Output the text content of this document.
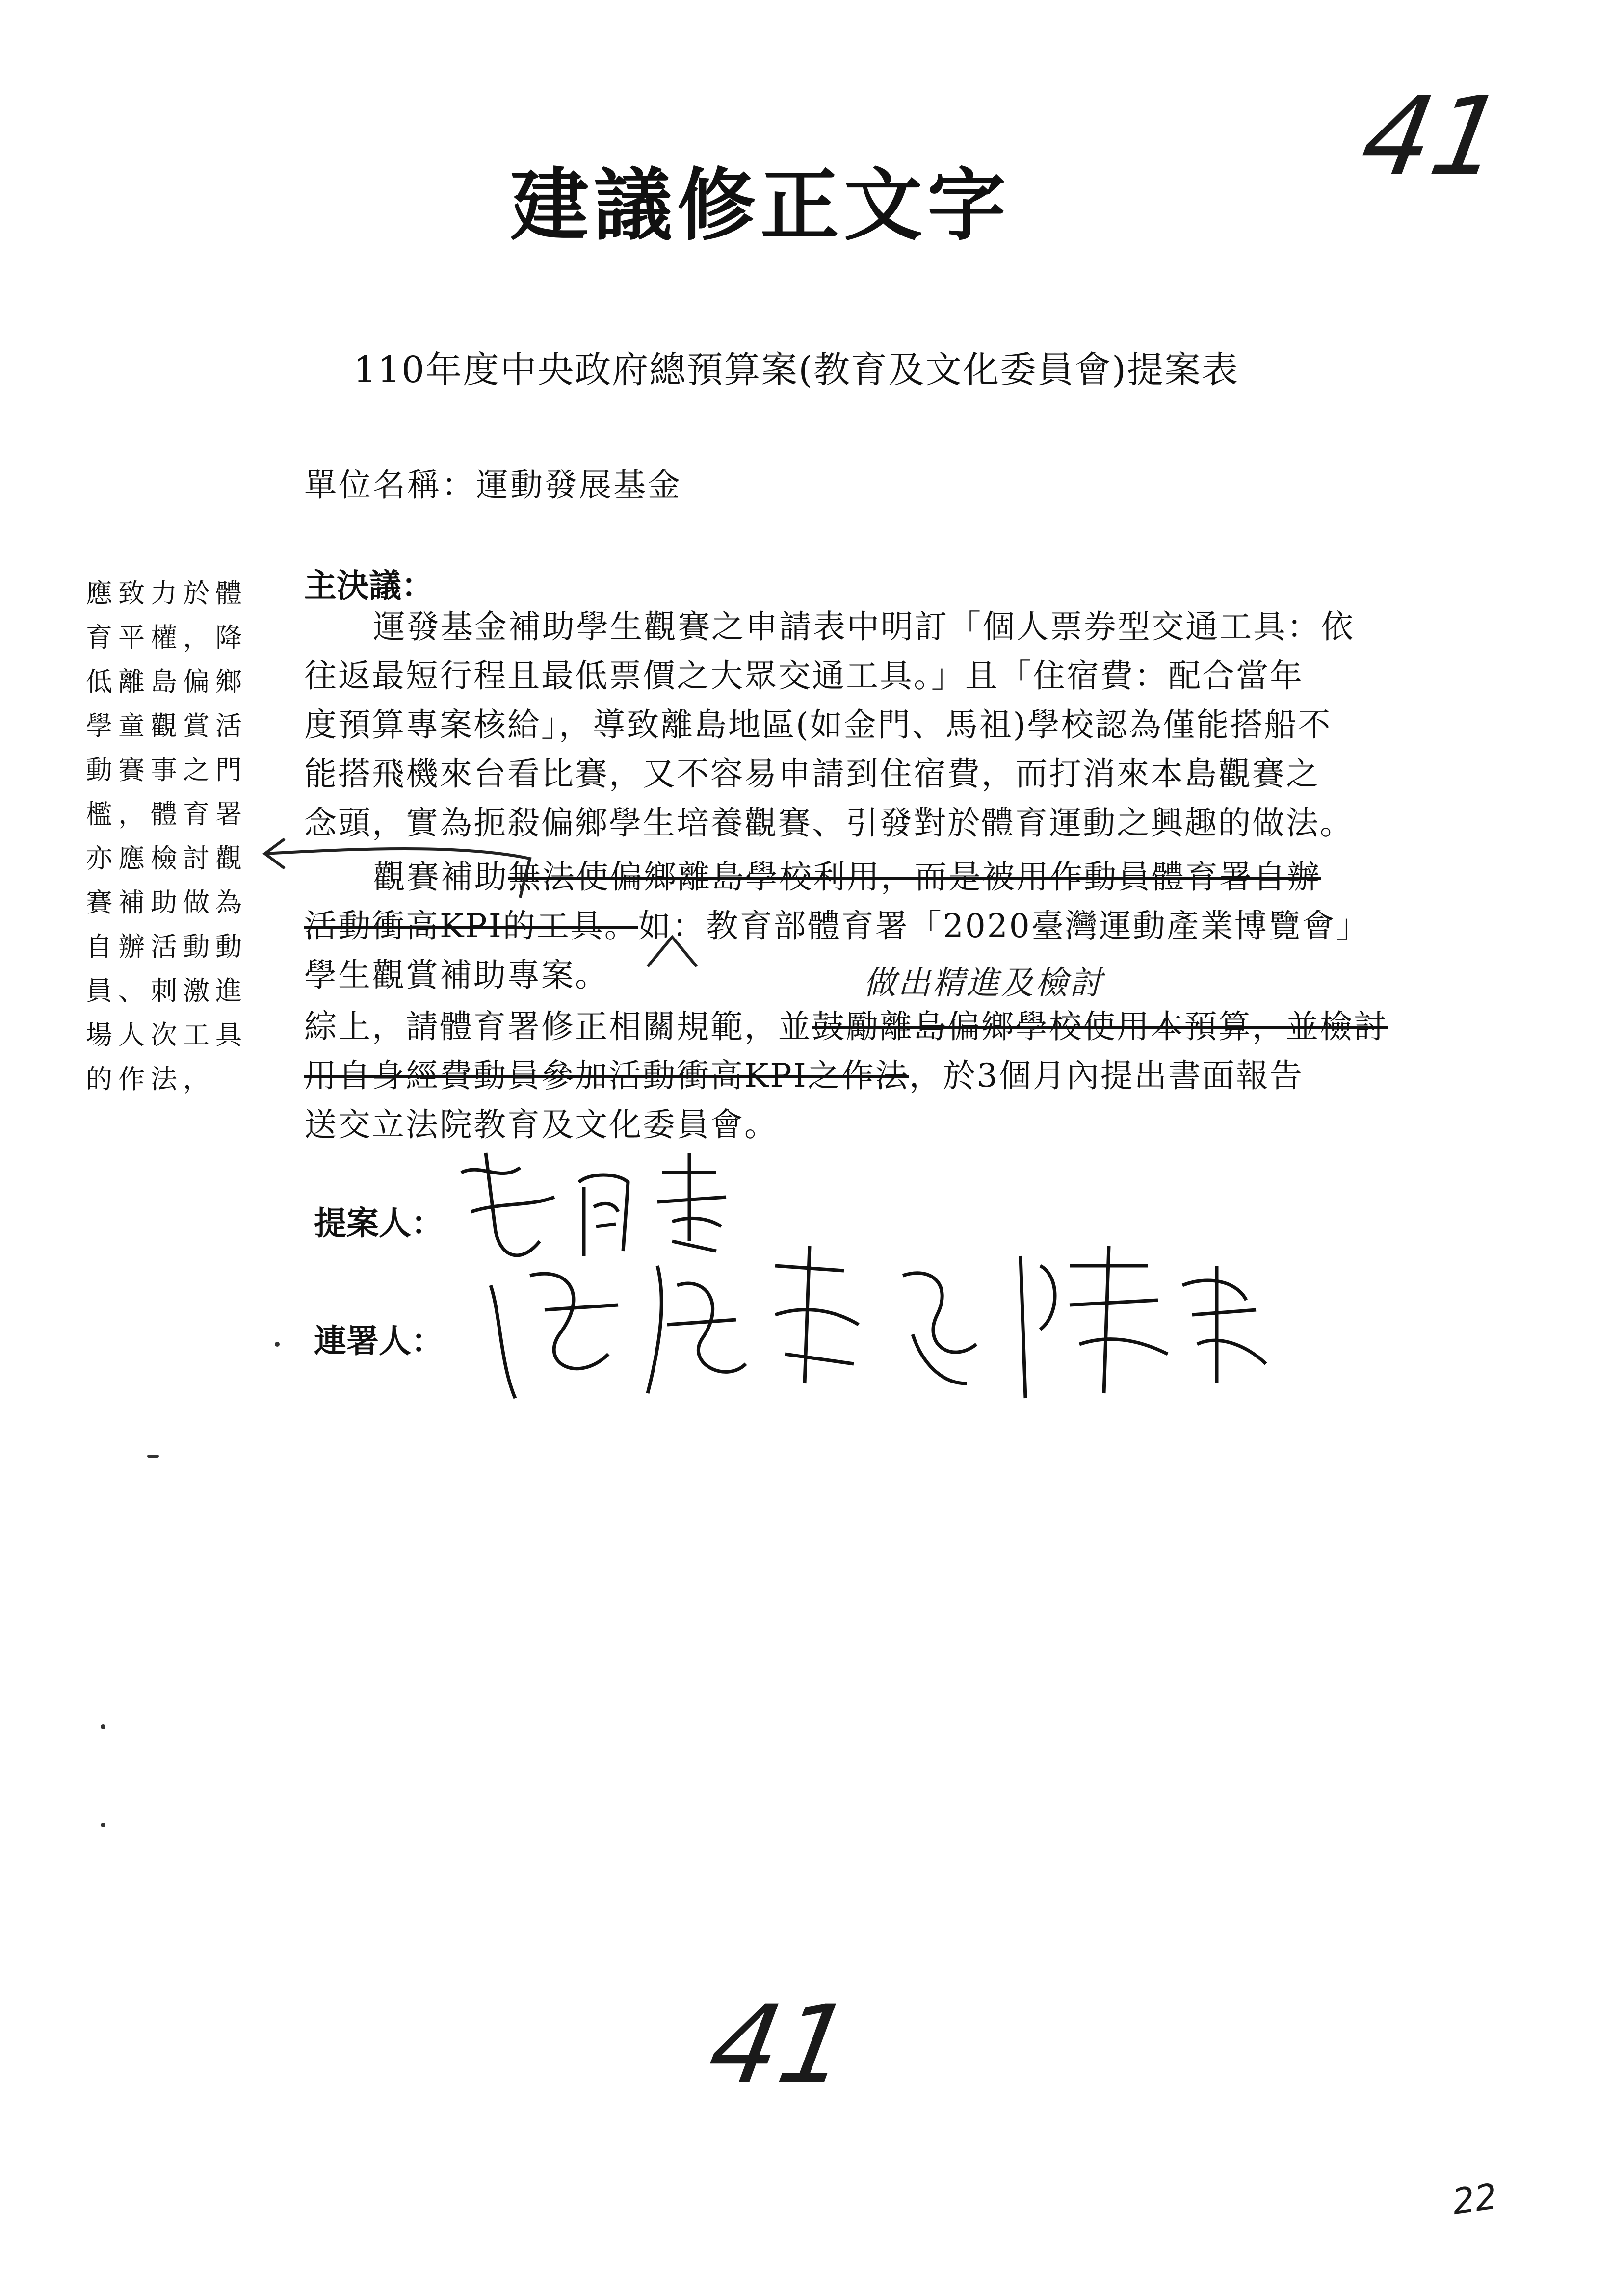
建議修正文字
41
110年度中央政府總預算案(教育及文化委員會)提案表
單位名稱：運動發展基金
主決議：
運發基金補助學生觀賽之申請表中明訂「個人票券型交通工具：依
往返最短行程且最低票價之大眾交通工具。」且「住宿費：配合當年
度預算專案核給」，導致離島地區(如金門、馬祖)學校認為僅能搭船不
能搭飛機來台看比賽，又不容易申請到住宿費，而打消來本島觀賽之
念頭，實為扼殺偏鄉學生培養觀賽、引發對於體育運動之興趣的做法。
觀賽補助無法使偏鄉離島學校利用，而是被用作動員體育署自辦
活動衝高KPI的工具。如：教育部體育署「2020臺灣運動產業博覽會」
學生觀賞補助專案。	做出精進及檢討
綜上，請體育署修正相關規範，並鼓勵離島偏鄉學校使用本預算，並檢討
用自身經費動員參加活動衝高KPI之作法，於3個月內提出書面報告
送交立法院教育及文化委員會。
應致力於體
育平權，降
低離島偏鄉
學童觀賞活
動賽事之門
檻，體育署
亦應檢討觀
賽補助做為
自辦活動動
員、刺激進
場人次工具
的作法，
提案人：
連署人：
41
22
